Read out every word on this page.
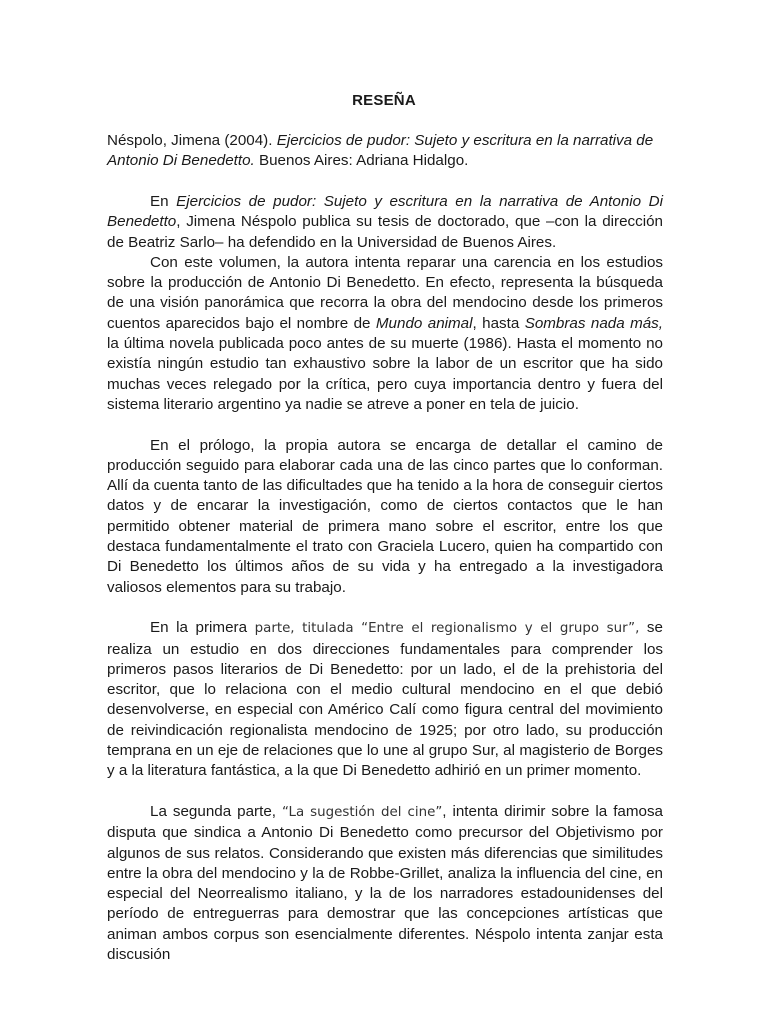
RESEÑA

Néspolo, Jimena (2004). Ejercicios de pudor: Sujeto y escritura en la narrativa de Antonio Di Benedetto. Buenos Aires: Adriana Hidalgo.

En Ejercicios de pudor: Sujeto y escritura en la narrativa de Antonio Di Benedetto, Jimena Néspolo publica su tesis de doctorado, que –con la dirección de Beatriz Sarlo– ha defendido en la Universidad de Buenos Aires.

Con este volumen, la autora intenta reparar una carencia en los estudios sobre la producción de Antonio Di Benedetto. En efecto, representa la búsqueda de una visión panorámica que recorra la obra del mendocino desde los primeros cuentos aparecidos bajo el nombre de Mundo animal, hasta Sombras nada más, la última novela publicada poco antes de su muerte (1986). Hasta el momento no existía ningún estudio tan exhaustivo sobre la labor de un escritor que ha sido muchas veces relegado por la crítica, pero cuya importancia dentro y fuera del sistema literario argentino ya nadie se atreve a poner en tela de juicio.

En el prólogo, la propia autora se encarga de detallar el camino de producción seguido para elaborar cada una de las cinco partes que lo conforman. Allí da cuenta tanto de las dificultades que ha tenido a la hora de conseguir ciertos datos y de encarar la investigación, como de ciertos contactos que le han permitido obtener material de primera mano sobre el escritor, entre los que destaca fundamentalmente el trato con Graciela Lucero, quien ha compartido con Di Benedetto los últimos años de su vida y ha entregado a la investigadora valiosos elementos para su trabajo.

En la primera parte, titulada “Entre el regionalismo y el grupo sur”, se realiza un estudio en dos direcciones fundamentales para comprender los primeros pasos literarios de Di Benedetto: por un lado, el de la prehistoria del escritor, que lo relaciona con el medio cultural mendocino en el que debió desenvolverse, en especial con Américo Calí como figura central del movimiento de reivindicación regionalista mendocino de 1925; por otro lado, su producción temprana en un eje de relaciones que lo une al grupo Sur, al magisterio de Borges y a la literatura fantástica, a la que Di Benedetto adhirió en un primer momento.

La segunda parte, “La sugestión del cine”, intenta dirimir sobre la famosa disputa que sindica a Antonio Di Benedetto como precursor del Objetivismo por algunos de sus relatos. Considerando que existen más diferencias que similitudes entre la obra del mendocino y la de Robbe-Grillet, analiza la influencia del cine, en especial del Neorrealismo italiano, y la de los narradores estadounidenses del período de entreguerras para demostrar que las concepciones artísticas que animan ambos corpus son esencialmente diferentes. Néspolo intenta zanjar esta discusión
